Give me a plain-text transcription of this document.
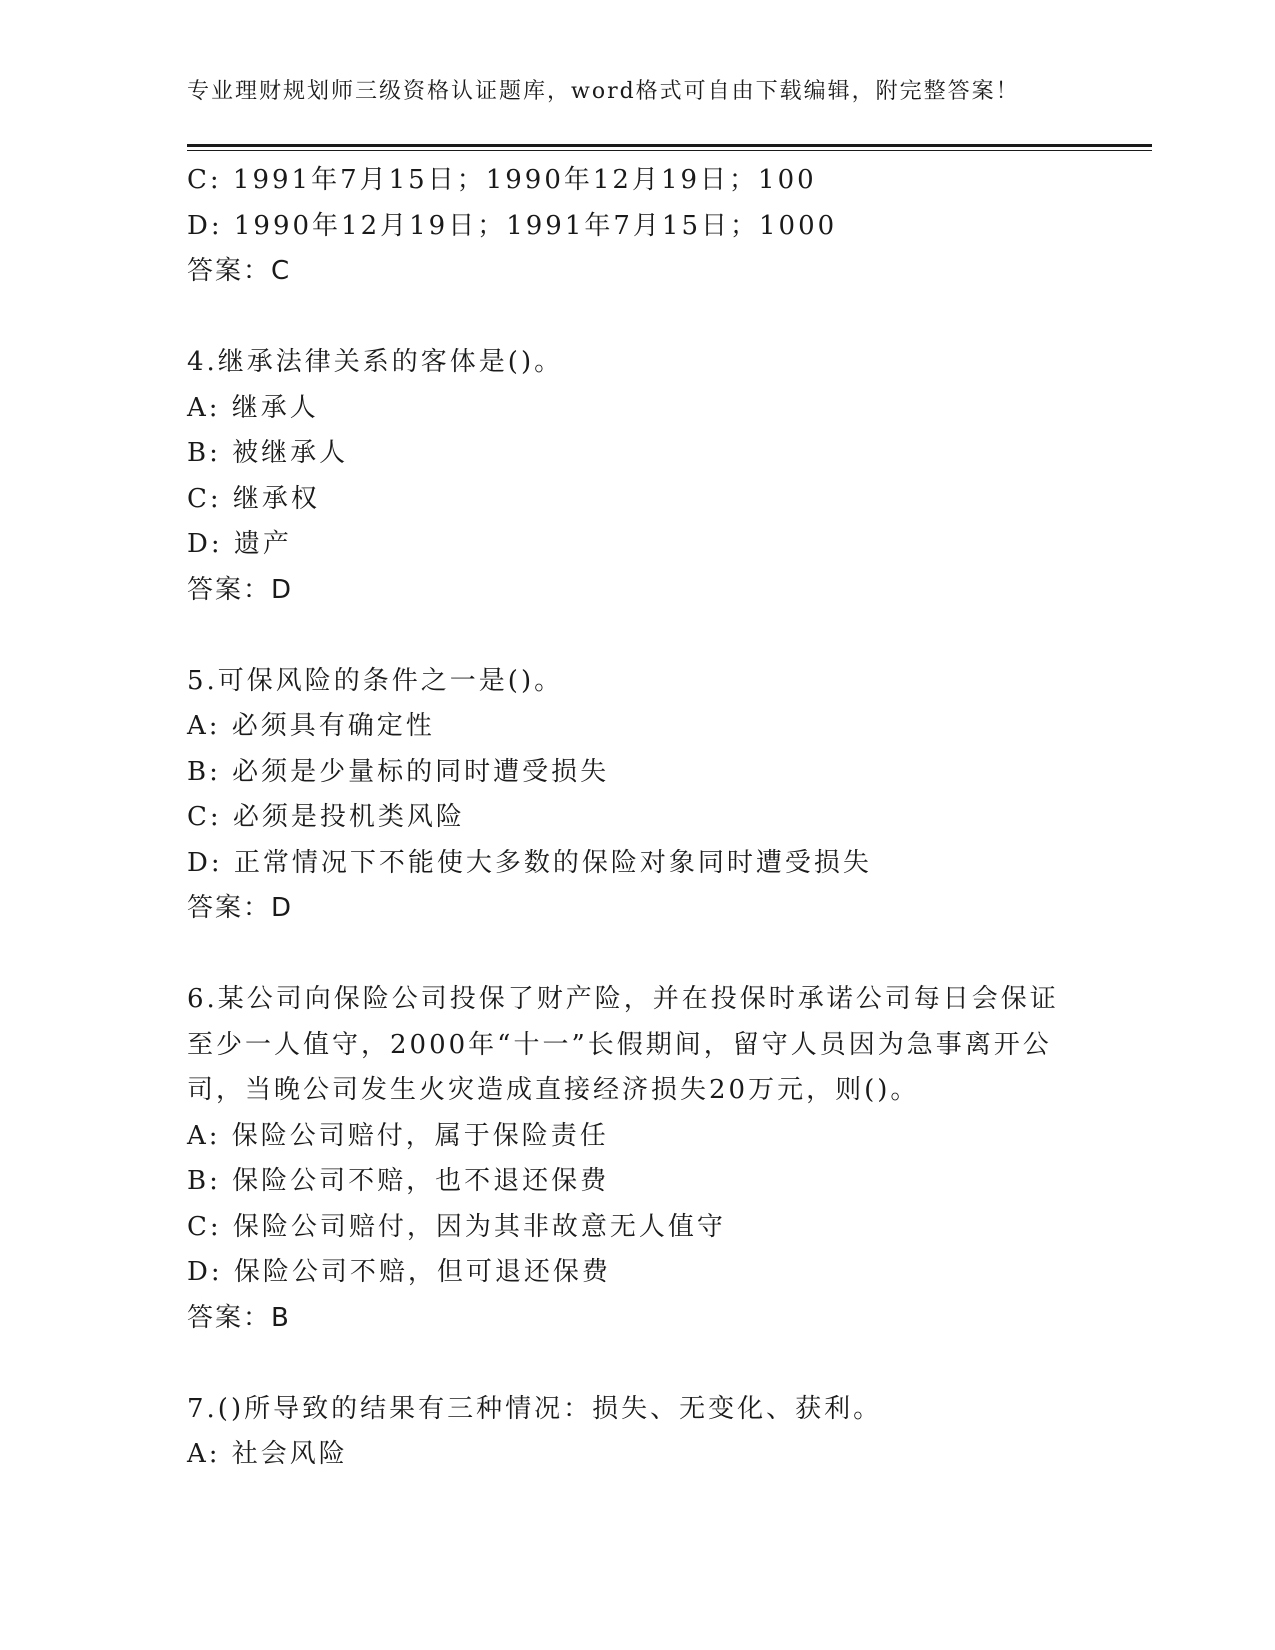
专业理财规划师三级资格认证题库，word格式可自由下载编辑，附完整答案！
C: 1991年7月15日；1990年12月19日；100
D: 1990年12月19日；1991年7月15日；1000
答案：C
4.继承法律关系的客体是()。
A: 继承人
B: 被继承人
C: 继承权
D: 遗产
答案：D
5.可保风险的条件之一是()。
A: 必须具有确定性
B: 必须是少量标的同时遭受损失
C: 必须是投机类风险
D: 正常情况下不能使大多数的保险对象同时遭受损失
答案：D
6.某公司向保险公司投保了财产险，并在投保时承诺公司每日会保证
至少一人值守，2000年“十一”长假期间，留守人员因为急事离开公
司，当晚公司发生火灾造成直接经济损失20万元，则()。
A: 保险公司赔付，属于保险责任
B: 保险公司不赔，也不退还保费
C: 保险公司赔付，因为其非故意无人值守
D: 保险公司不赔，但可退还保费
答案：B
7.()所导致的结果有三种情况：损失、无变化、获利。
A: 社会风险
